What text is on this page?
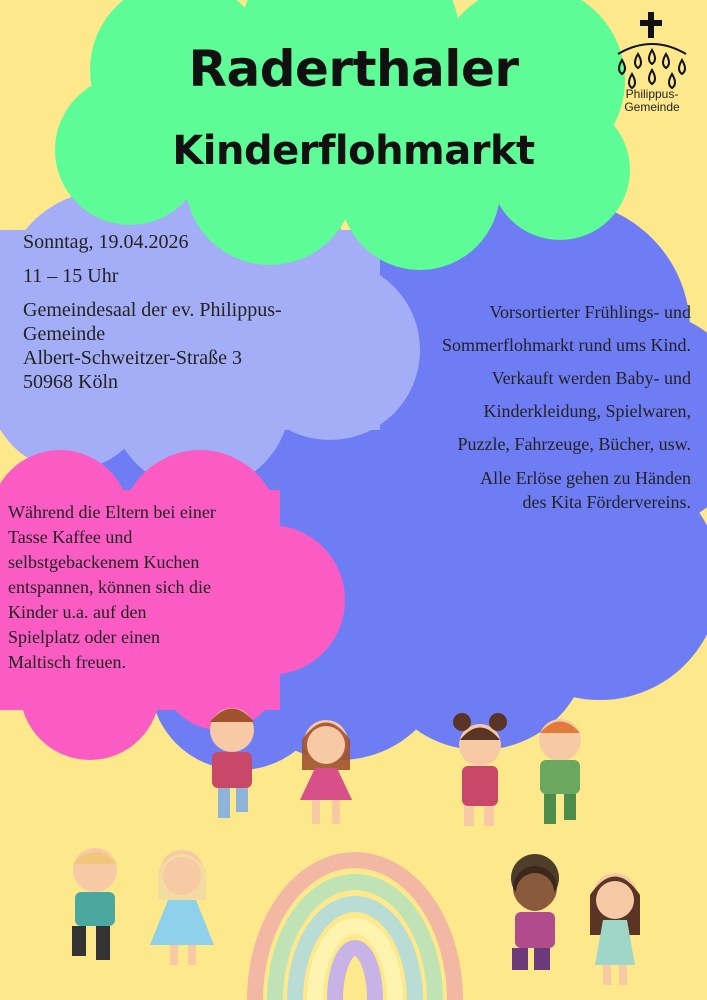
Philippus-
Gemeinde
Raderthaler
Kinderflohmarkt
Sonntag, 19.04.2026
11 – 15 Uhr
Gemeindesaal der ev. Philippus-
Gemeinde
Albert-Schweitzer-Straße 3
50968 Köln
Vorsortierter Frühlings- und
Sommerflohmarkt rund ums Kind.
Verkauft werden Baby- und
Kinderkleidung, Spielwaren,
Puzzle, Fahrzeuge, Bücher, usw.
Alle Erlöse gehen zu Händen
des Kita Fördervereins.
Während die Eltern bei einer
Tasse Kaffee und
selbstgebackenem Kuchen
entspannen, können sich die
Kinder u.a. auf den
Spielplatz oder einen
Maltisch freuen.
